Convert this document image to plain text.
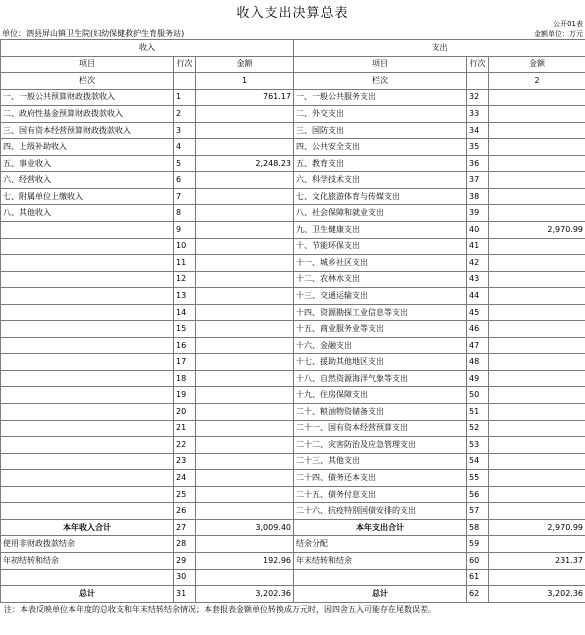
收入支出决算总表
公开01表
单位：泗县屏山镇卫生院(妇幼保健救护生育服务站)	金额单位：万元
收入			支出		
项目	行次	金额	项目	行次	金额
栏次		1	栏次		2
一、一般公共预算财政拨款收入	1	761.17	一、一般公共服务支出	32	
二、政府性基金预算财政拨款收入	2		二、外交支出	33	
三、国有资本经营预算财政拨款收入	3		三、国防支出	34	
四、上级补助收入	4		四、公共安全支出	35	
五、事业收入	5	2,248.23	五、教育支出	36	
六、经营收入	6		六、科学技术支出	37	
七、附属单位上缴收入	7		七、文化旅游体育与传媒支出	38	
八、其他收入	8		八、社会保障和就业支出	39	
	9		九、卫生健康支出	40	2,970.99
	10		十、节能环保支出	41	
	11		十一、城乡社区支出	42	
	12		十二、农林水支出	43	
	13		十三、交通运输支出	44	
	14		十四、资源勘探工业信息等支出	45	
	15		十五、商业服务业等支出	46	
	16		十六、金融支出	47	
	17		十七、援助其他地区支出	48	
	18		十八、自然资源海洋气象等支出	49	
	19		十九、住房保障支出	50	
	20		二十、粮油物资储备支出	51	
	21		二十一、国有资本经营预算支出	52	
	22		二十二、灾害防治及应急管理支出	53	
	23		二十三、其他支出	54	
	24		二十四、债务还本支出	55	
	25		二十五、债务付息支出	56	
	26		二十六、抗疫特别国债安排的支出	57	
本年收入合计	27	3,009.40	本年支出合计	58	2,970.99
使用非财政拨款结余	28		结余分配	59	
年初结转和结余	29	192.96	年末结转和结余	60	231.37
	30			61	
总计	31	3,202.36	总计	62	3,202.36
注：本表反映单位本年度的总收支和年末结转结余情况；本套报表金额单位转换成万元时，因四舍五入可能存在尾数误差。
